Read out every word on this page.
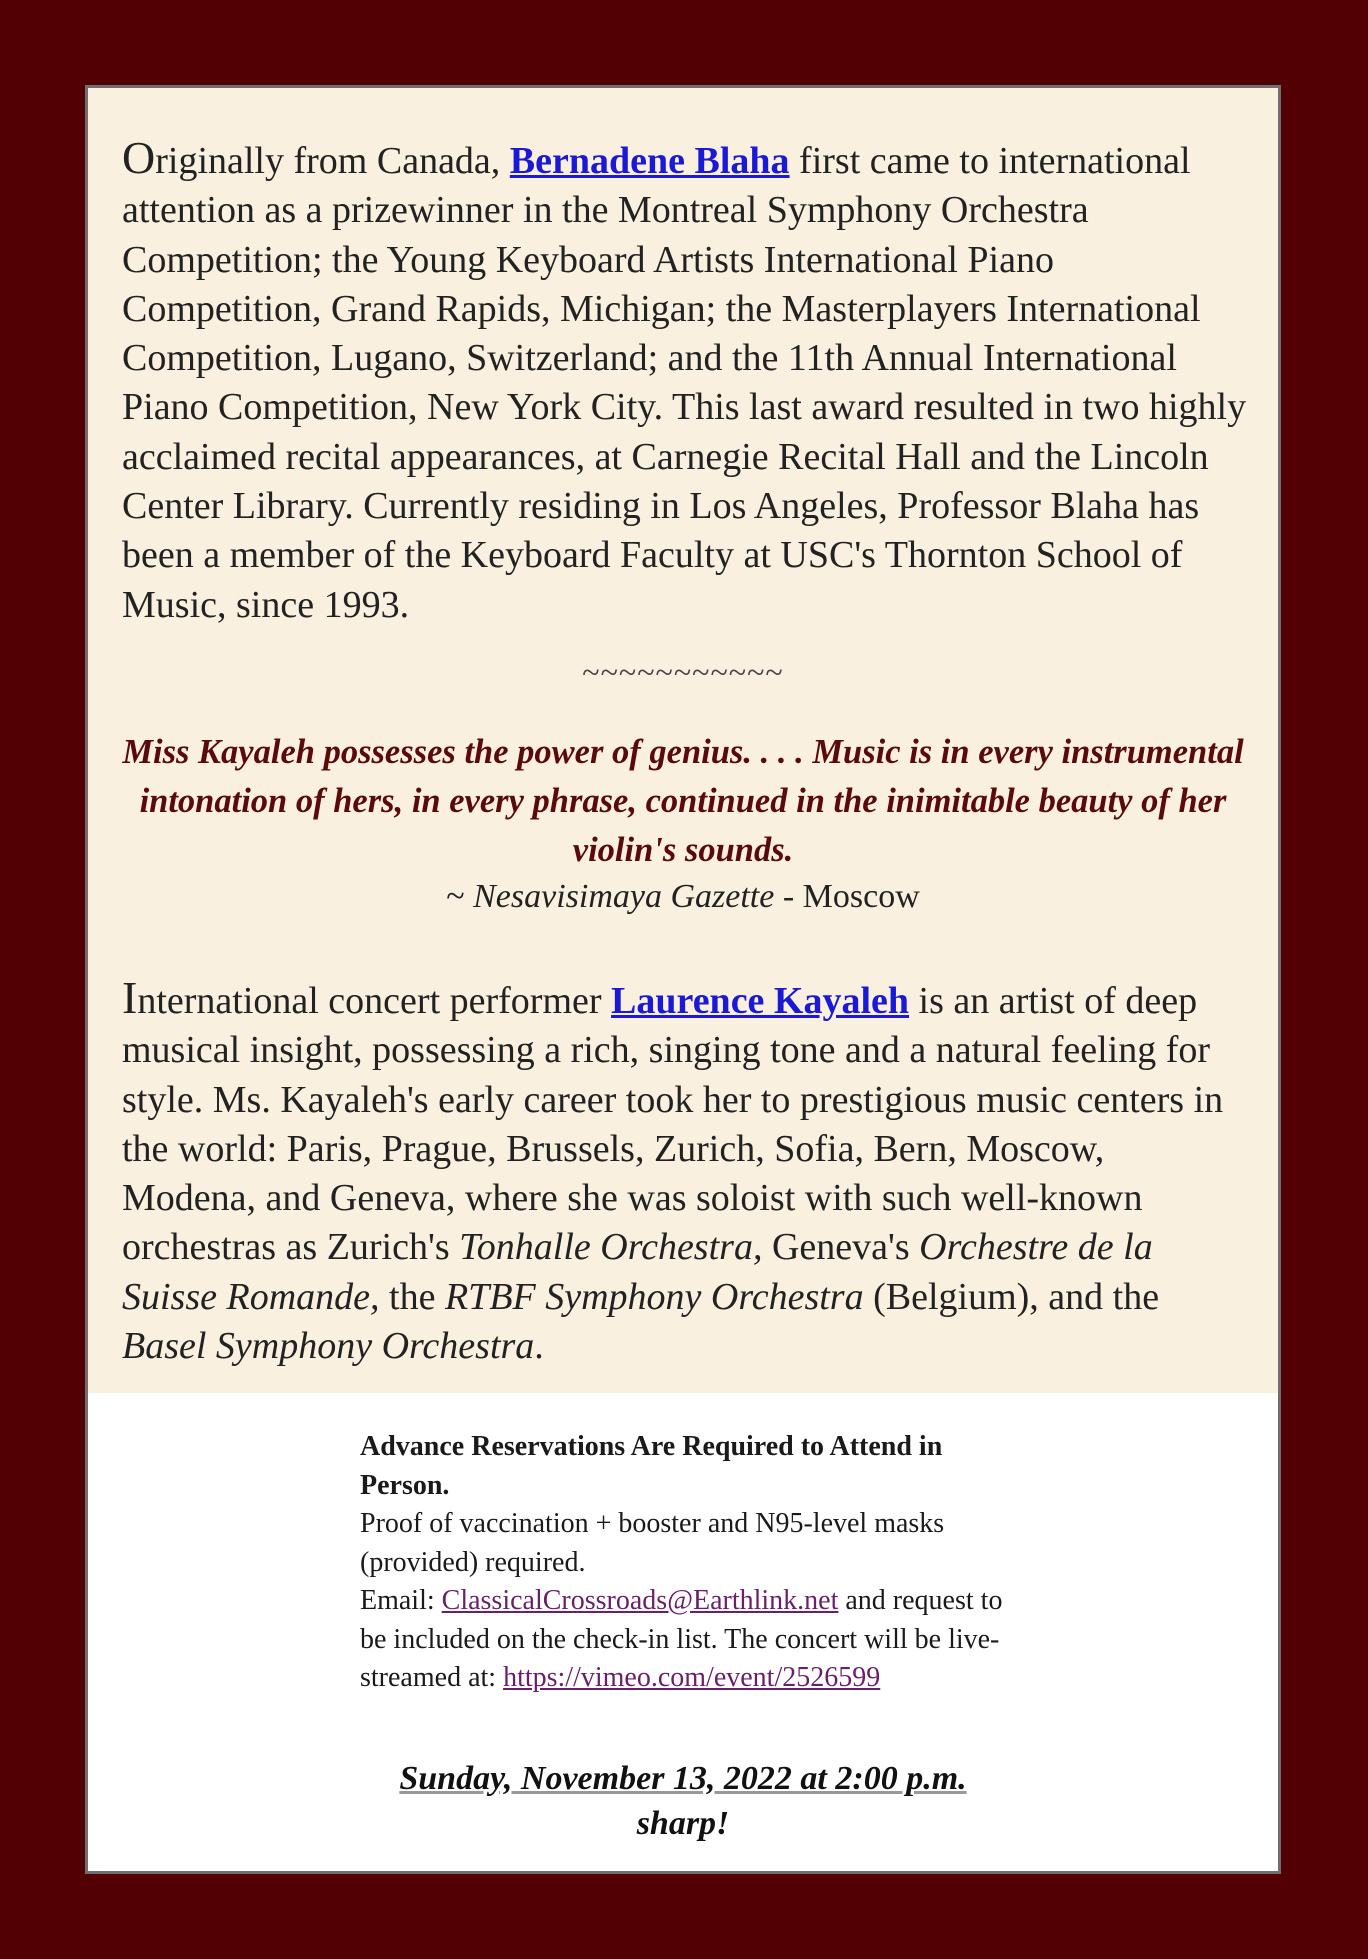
Originally from Canada, Bernadene Blaha first came to international attention as a prizewinner in the Montreal Symphony Orchestra Competition; the Young Keyboard Artists International Piano Competition, Grand Rapids, Michigan; the Masterplayers International Competition, Lugano, Switzerland; and the 11th Annual International Piano Competition, New York City. This last award resulted in two highly acclaimed recital appearances, at Carnegie Recital Hall and the Lincoln Center Library. Currently residing in Los Angeles, Professor Blaha has been a member of the Keyboard Faculty at USC's Thornton School of Music, since 1993.

~~~~~~~~~~~
Miss Kayaleh possesses the power of genius. . . . Music is in every instrumental intonation of hers, in every phrase, continued in the inimitable beauty of her violin's sounds.
~ Nesavisimaya Gazette - Moscow

International concert performer Laurence Kayaleh is an artist of deep musical insight, possessing a rich, singing tone and a natural feeling for style. Ms. Kayaleh's early career took her to prestigious music centers in the world: Paris, Prague, Brussels, Zurich, Sofia, Bern, Moscow, Modena, and Geneva, where she was soloist with such well-known orchestras as Zurich's Tonhalle Orchestra, Geneva's Orchestre de la Suisse Romande, the RTBF Symphony Orchestra (Belgium), and the Basel Symphony Orchestra.

Advance Reservations Are Required to Attend in Person.
Proof of vaccination + booster and N95-level masks (provided) required.
Email: ClassicalCrossroads@Earthlink.net and request to be included on the check-in list. The concert will be live-streamed at: https://vimeo.com/event/2526599
Sunday, November 13, 2022 at 2:00 p.m.
sharp!
